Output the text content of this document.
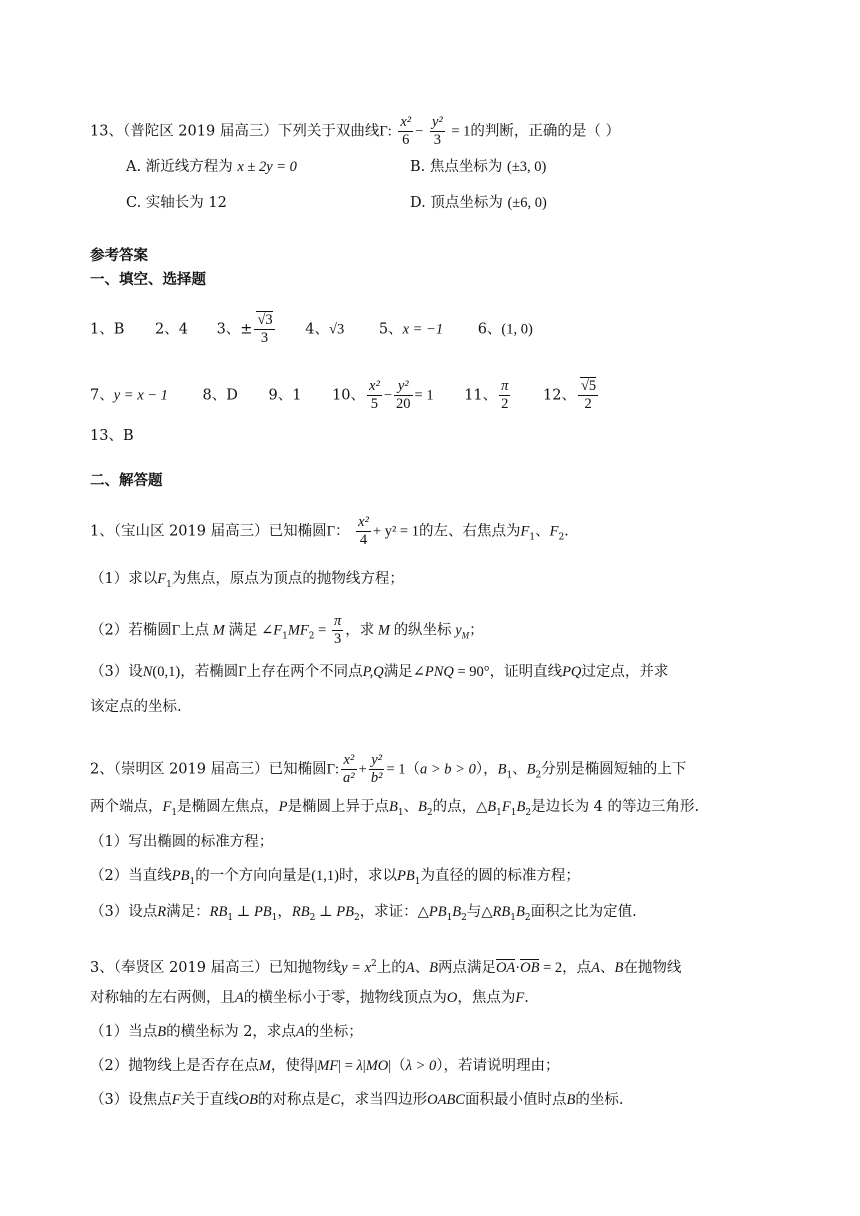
13、（普陀区 2019 届高三）下列关于双曲线Γ: $\frac{\text{x²}}{6} - \frac{\text{y²}}{3} = 1$的判断，正确的是（ ）
A. 渐近线方程为 x ± 2y = 0	B. 焦点坐标为 (±3, 0)
C. 实轴长为 12	D. 顶点坐标为 (±6, 0)
参考答案
一、填空、选择题
1、B 2、4 3、± $\frac{√3}{3} 4$、√3 5、x = −1 6、(1, 0)
7、y = x − 1 8、D 9、1 10、 $\frac{\text{x²}}{5} - \frac{\text{y²}}{20} = 1$ 11、 $\frac{\pi}{2} 12$、 $\frac{√5}{2}$
13、B
二、解答题
1、（宝山区 2019 届高三）已知椭圆Γ： $\frac{\text{x²}}{4} + y^2 = 1$的左、右焦点为$F_1$、$F_2$.
（1）求以$F_1$为焦点，原点为顶点的抛物线方程；
（2）若椭圆Γ上点 M 满足 $\angle F_1MF_2 = \frac{\pi}{3}$ ，求 M 的纵坐标 $y_M$；
（3）设N(0,1)，若椭圆Γ上存在两个不同点P,Q满足∠PNQ = 90°，证明直线PQ过定点，并求
该定点的坐标.
2、（崇明区 2019 届高三）已知椭圆Γ: $\frac{\text{x²}}{\text{a²}} + \frac{\text{y²}}{\text{b²}} = 1(a > b > 0)$，$B_1$、$B_2$分别是椭圆短轴的上下
两个端点，$F_1$是椭圆左焦点，P是椭圆上异于点$B_1$、$B_2$的点，$\triangle B_1F_1B_2$是边长为 4 的等边三角形.
（1）写出椭圆的标准方程；
（2）当直线$PB_1$的一个方向向量是(1,1)时，求以$PB_1$为直径的圆的标准方程；
（3）设点R满足：$RB_1$ ⊥ $PB_1$，$RB_2$ ⊥ $PB_2$，求证：$\triangle PB_1B_2$与$\triangle RB_1B_2$面积之比为定值.
3、（奉贤区 2019 届高三）已知抛物线$y = x^2$上的A、B两点满足OA·OB = 2，点A、B在抛物线
对称轴的左右两侧，且A的横坐标小于零，抛物线顶点为O，焦点为F.
（1）当点B的横坐标为 2，求点A的坐标；
（2）抛物线上是否存在点M，使得|MF| = λ|MO|（λ > 0），若请说明理由；
（3）设焦点F关于直线OB的对称点是C，求当四边形OABC面积最小值时点B的坐标.
